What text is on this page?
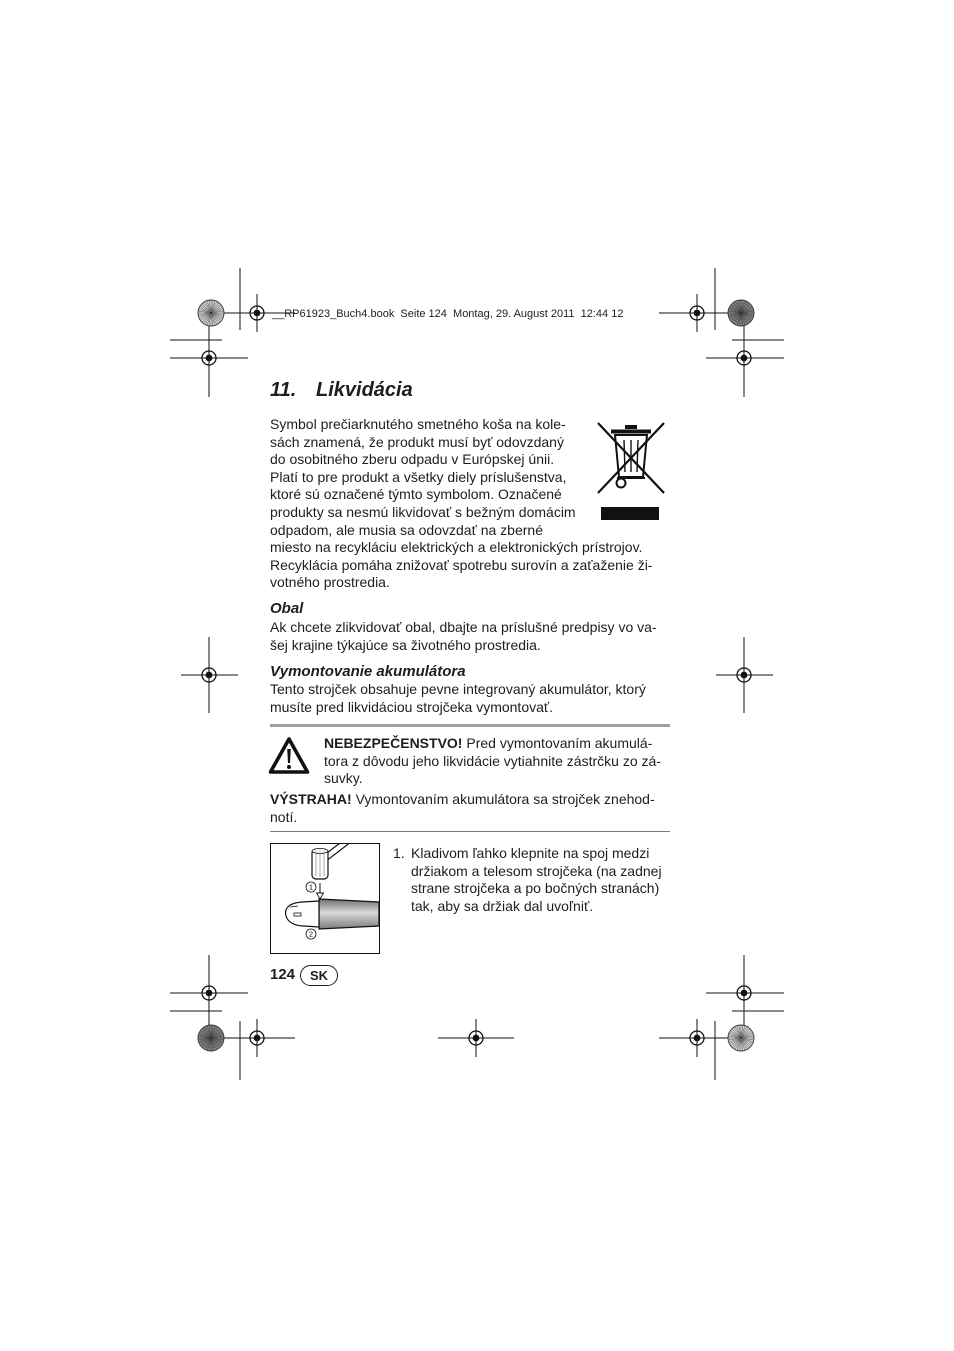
__RP61923_Buch4.book  Seite 124  Montag, 29. August 2011  12:44 12
11. Likvidácia
Symbol prečiarknutého smetného koša na kole-
sách znamená, že produkt musí byť odovzdaný
do osobitného zberu odpadu v Európskej únii.
Platí to pre produkt a všetky diely príslušenstva,
ktoré sú označené týmto symbolom. Označené
produkty sa nesmú likvidovať s bežným domácim
odpadom, ale musia sa odovzdať na zberné
miesto na recykláciu elektrických a elektronických prístrojov.
Recyklácia pomáha znižovať spotrebu surovín a zaťaženie ži-
votného prostredia.
Obal
Ak chcete zlikvidovať obal, dbajte na príslušné predpisy vo va-
šej krajine týkajúce sa životného prostredia.
Vymontovanie akumulátora
Tento strojček obsahuje pevne integrovaný akumulátor, ktorý
musíte pred likvidáciou strojčeka vymontovať.
NEBEZPEČENSTVO! Pred vymontovaním akumulá-
tora z dôvodu jeho likvidácie vytiahnite zástrčku zo zá-
suvky.
VÝSTRAHA! Vymontovaním akumulátora sa strojček znehod-
notí.
1
2
1. Kladivom ľahko klepnite na spoj medzi
držiakom a telesom strojčeka (na zadnej
strane strojčeka a po bočných stranách)
tak, aby sa držiak dal uvoľniť.
124	SK
